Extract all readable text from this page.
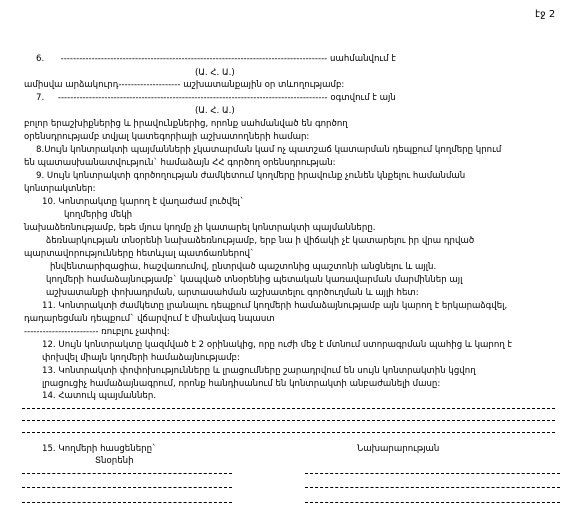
էջ 2
6.      -------------------------------------------------------------------------------------- սահմանվում է
(Ա. Հ. Ա.)
ամիսվա արձակուրդ-------------------- աշխատանքային օր տևողությամբ:
7.     --------------------------------------------------------------------------------------- օգտվում է այն
(Ա. Հ. Ա.)
բոլոր երաշխիքներից և իրավունքներից, որոնք սահմանված են գործող
օրենսդրությամբ տվյալ կատեգորիայի աշխատողների համար:
8.Սույն կոնտրակտի պայմանների չկատարման կամ ոչ պատշաճ կատարման դեպքում կողմերը կրում
են պատասխանատվություն` համաձայն ՀՀ գործող օրենսդրության:
9. Սույն կոնտրակտի գործողության ժամկետում կողմերը իրավունք չունեն կնքելու համանման
կոնտրակտներ:
10. Կոնտրակտը կարող է վաղաժամ լուծվել`
կողմերից մեկի
նախաձեռնությամբ, եթե մյուս կողմը չի կատարել կոնտրակտի պայմանները.
ձեռնարկության տնօրենի նախաձեռնությամբ, երբ նա ի վիճակի չէ կատարելու իր վրա դրված
պարտավորությունները հետևյալ պատճառներով`
ինվենտարիզացիա, հաշվառումով, ընտրված պաշտոնից պաշտոնի անցնելու և այլն.
կողմերի համաձայնությամբ` կապված տնօրենից պետական կառավարման մարմիններ այլ
աշխատանքի փոխադրման, արտասահման աշխատելու գործուղման և այլի հետ:
11. Կոնտրակտի ժամկետը լրանալու դեպքում կողմերի համաձայնությամբ այն կարող է երկարաձգվել,
դադարեցման դեպքում` վճարվում է միանվագ նպաստ
------------------------ ռուբլու չափով:
12. Սույն կոնտրակտը կազմված է 2 օրինակից, որը ուժի մեջ է մտնում ստորագրման պահից և կարող է
փոխվել միայն կողմերի համաձայնությամբ:
13. Կոնտրակտի փոփոխությունները և լրացումները շարադրվում են սույն կոնտրակտին կցվող
լրացուցիչ համաձայնագրում, որոնք հանդիսանում են կոնտրակտի անբաժանելի մասը:
14. Հատուկ պայմաններ.
15. Կողմերի հասցեները`
Տնօրենի
Նախարարության
